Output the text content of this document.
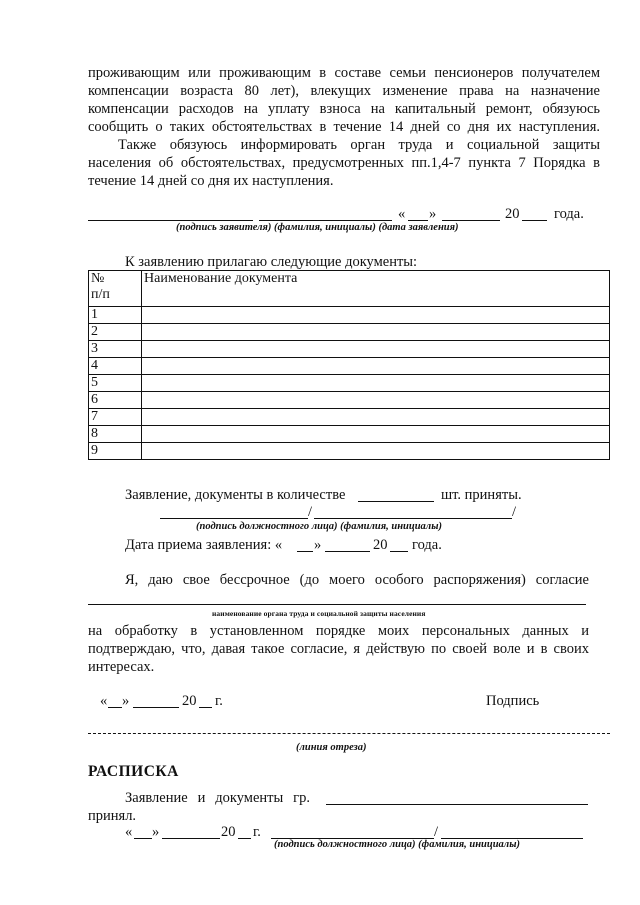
проживающим или проживающим в составе семьи пенсионеров получателем
компенсации возраста 80 лет), влекущих изменение права на назначение
компенсации расходов на уплату взноса на капитальный ремонт, обязуюсь
сообщить о таких обстоятельствах в течение 14 дней со дня их наступления.
Также обязуюсь информировать орган труда и социальной защиты
населения об обстоятельствах, предусмотренных пп.1,4-7 пункта 7 Порядка в
течение 14 дней со дня их наступления.
« »	20 года.
(подпись заявителя) (фамилия, инициалы) (дата заявления)
К заявлению прилагаю следующие документы:
№
п/п	Наименование документа
1	
2	
3	
4	
5	
6	
7	
8	
9	
Заявление, документы в количестве	шт. приняты.
/	/
(подпись должностного лица) (фамилия, инициалы)
Дата приема заявления: « »	20 года.
Я, даю свое бессрочное (до моего особого распоряжения) согласие
наименование органа труда и социальной защиты населения
на обработку в установленном порядке моих персональных данных и
подтверждаю, что, давая такое согласие, я действую по своей воле и в своих
интересах.
« »	20 г.	Подпись
(линия отреза)
РАСПИСКА
Заявление и документы гр.
принял.
« »	20 г.	/
(подпись должностного лица) (фамилия, инициалы)
